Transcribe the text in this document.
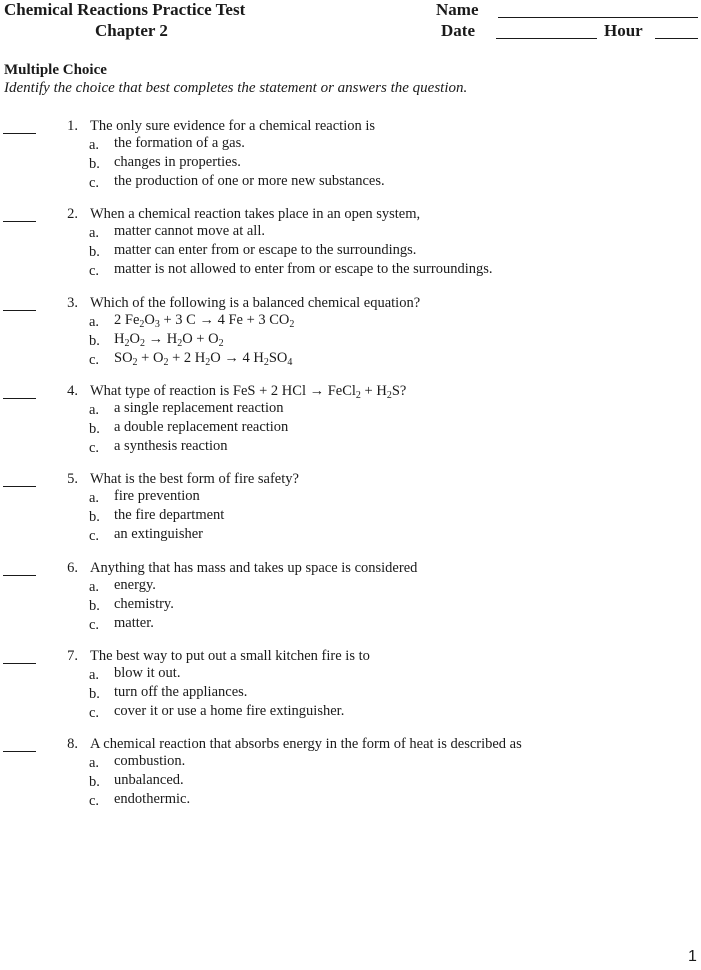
Chemical Reactions Practice Test
Chapter 2
Name
Date	Hour
Multiple Choice
Identify the choice that best completes the statement or answers the question.
1. The only sure evidence for a chemical reaction is
a. the formation of a gas.
b. changes in properties.
c. the production of one or more new substances.
2. When a chemical reaction takes place in an open system,
a. matter cannot move at all.
b. matter can enter from or escape to the surroundings.
c. matter is not allowed to enter from or escape to the surroundings.
3. Which of the following is a balanced chemical equation?
a. 2 $Fe_2O_3 + 3$ C → 4 Fe + 3 $CO_2$
b. $H_2O_2 \to H_2O + O_2$
c. $SO_2 + O_2 + 2$ $H_2O \to 4$ $H_2SO_4$
4. What type of reaction is FeS + 2 HCl → FeCl$_2$ + $H_2S$?
a. a single replacement reaction
b. a double replacement reaction
c. a synthesis reaction
5. What is the best form of fire safety?
a. fire prevention
b. the fire department
c. an extinguisher
6. Anything that has mass and takes up space is considered
a. energy.
b. chemistry.
c. matter.
7. The best way to put out a small kitchen fire is to
a. blow it out.
b. turn off the appliances.
c. cover it or use a home fire extinguisher.
8. A chemical reaction that absorbs energy in the form of heat is described as
a. combustion.
b. unbalanced.
c. endothermic.
1
